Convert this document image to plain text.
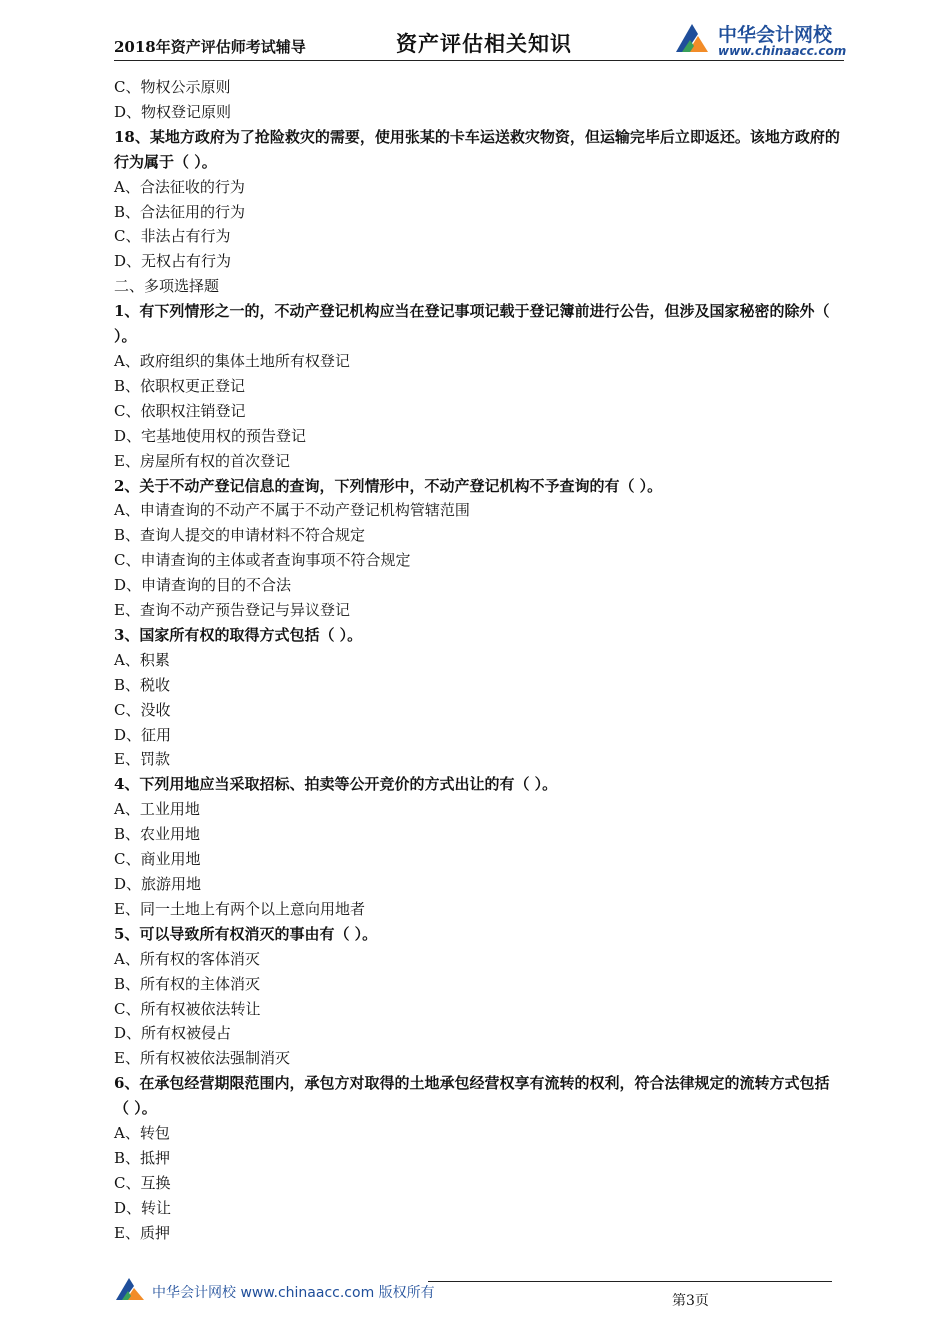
2018年资产评估师考试辅导	资产评估相关知识	中华会计网校
www.chinaacc.com
C、物权公示原则
D、物权登记原则
18、某地方政府为了抢险救灾的需要，使用张某的卡车运送救灾物资，但运输完毕后立即返还。该地方政府的行为属于（ ）。
A、合法征收的行为
B、合法征用的行为
C、非法占有行为
D、无权占有行为
二、多项选择题
1、有下列情形之一的，不动产登记机构应当在登记事项记载于登记簿前进行公告，但涉及国家秘密的除外（ ）。
A、政府组织的集体土地所有权登记
B、依职权更正登记
C、依职权注销登记
D、宅基地使用权的预告登记
E、房屋所有权的首次登记
2、关于不动产登记信息的查询，下列情形中，不动产登记机构不予查询的有（ ）。
A、申请查询的不动产不属于不动产登记机构管辖范围
B、查询人提交的申请材料不符合规定
C、申请查询的主体或者查询事项不符合规定
D、申请查询的目的不合法
E、查询不动产预告登记与异议登记
3、国家所有权的取得方式包括（ ）。
A、积累
B、税收
C、没收
D、征用
E、罚款
4、下列用地应当采取招标、拍卖等公开竞价的方式出让的有（ ）。
A、工业用地
B、农业用地
C、商业用地
D、旅游用地
E、同一土地上有两个以上意向用地者
5、可以导致所有权消灭的事由有（ ）。
A、所有权的客体消灭
B、所有权的主体消灭
C、所有权被依法转让
D、所有权被侵占
E、所有权被依法强制消灭
6、在承包经营期限范围内，承包方对取得的土地承包经营权享有流转的权利，符合法律规定的流转方式包括（ ）。
A、转包
B、抵押
C、互换
D、转让
E、质押
中华会计网校 www.chinaacc.com 版权所有	第3页
